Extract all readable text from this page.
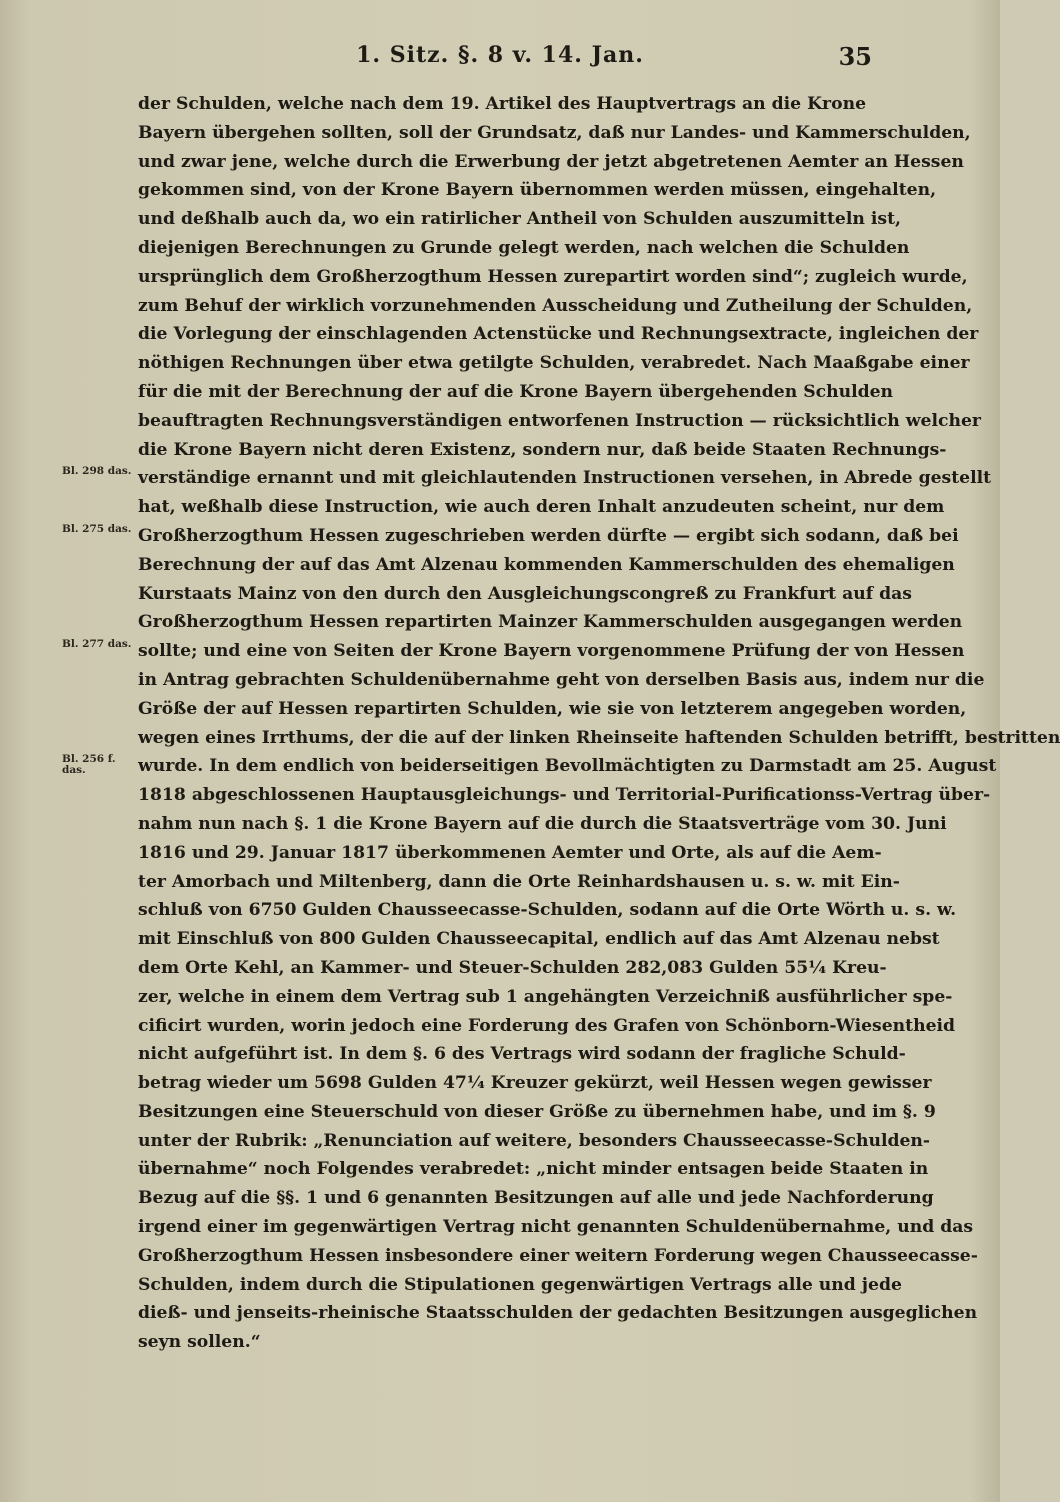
1. Sitz. §. 8 v. 14. Jan.	35
Bl. 298 das.
Bl. 275 das.
Bl. 277 das.
Bl. 256 f. das.
der Schulden, welche nach dem 19. Artikel des Hauptvertrags an die Krone
Bayern übergehen sollten, soll der Grundsatz, daß nur Landes- und Kammerschulden,
und zwar jene, welche durch die Erwerbung der jetzt abgetretenen Aemter an Hessen
gekommen sind, von der Krone Bayern übernommen werden müssen, eingehalten,
und deßhalb auch da, wo ein ratirlicher Antheil von Schulden auszumitteln ist,
diejenigen Berechnungen zu Grunde gelegt werden, nach welchen die Schulden
ursprünglich dem Großherzogthum Hessen zurepartirt worden sind“; zugleich wurde,
zum Behuf der wirklich vorzunehmenden Ausscheidung und Zutheilung der Schulden,
die Vorlegung der einschlagenden Actenstücke und Rechnungsextracte, ingleichen der
nöthigen Rechnungen über etwa getilgte Schulden, verabredet. Nach Maaßgabe einer
für die mit der Berechnung der auf die Krone Bayern übergehenden Schulden
beauftragten Rechnungsverständigen entworfenen Instruction — rücksichtlich welcher
die Krone Bayern nicht deren Existenz, sondern nur, daß beide Staaten Rechnungs-
verständige ernannt und mit gleichlautenden Instructionen versehen, in Abrede gestellt
hat, weßhalb diese Instruction, wie auch deren Inhalt anzudeuten scheint, nur dem
Großherzogthum Hessen zugeschrieben werden dürfte — ergibt sich sodann, daß bei
Berechnung der auf das Amt Alzenau kommenden Kammerschulden des ehemaligen
Kurstaats Mainz von den durch den Ausgleichungscongreß zu Frankfurt auf das
Großherzogthum Hessen repartirten Mainzer Kammerschulden ausgegangen werden
sollte; und eine von Seiten der Krone Bayern vorgenommene Prüfung der von Hessen
in Antrag gebrachten Schuldenübernahme geht von derselben Basis aus, indem nur die
Größe der auf Hessen repartirten Schulden, wie sie von letzterem angegeben worden,
wegen eines Irrthums, der die auf der linken Rheinseite haftenden Schulden betrifft, bestritten
wurde. In dem endlich von beiderseitigen Bevollmächtigten zu Darmstadt am 25. August
1818 abgeschlossenen Hauptausgleichungs- und Territorial-Purificationss-Vertrag über-
nahm nun nach §. 1 die Krone Bayern auf die durch die Staatsverträge vom 30. Juni
1816 und 29. Januar 1817 überkommenen Aemter und Orte, als auf die Aem-
ter Amorbach und Miltenberg, dann die Orte Reinhardshausen u. s. w. mit Ein-
schluß von 6750 Gulden Chausseecasse-Schulden, sodann auf die Orte Wörth u. s. w.
mit Einschluß von 800 Gulden Chausseecapital, endlich auf das Amt Alzenau nebst
dem Orte Kehl, an Kammer- und Steuer-Schulden 282,083 Gulden 55¼ Kreu-
zer, welche in einem dem Vertrag sub 1 angehängten Verzeichniß ausführlicher spe-
cificirt wurden, worin jedoch eine Forderung des Grafen von Schönborn-Wiesentheid
nicht aufgeführt ist. In dem §. 6 des Vertrags wird sodann der fragliche Schuld-
betrag wieder um 5698 Gulden 47¼ Kreuzer gekürzt, weil Hessen wegen gewisser
Besitzungen eine Steuerschuld von dieser Größe zu übernehmen habe, und im §. 9
unter der Rubrik: „Renunciation auf weitere, besonders Chausseecasse-Schulden-
übernahme“ noch Folgendes verabredet: „nicht minder entsagen beide Staaten in
Bezug auf die §§. 1 und 6 genannten Besitzungen auf alle und jede Nachforderung
irgend einer im gegenwärtigen Vertrag nicht genannten Schuldenübernahme, und das
Großherzogthum Hessen insbesondere einer weitern Forderung wegen Chausseecasse-
Schulden, indem durch die Stipulationen gegenwärtigen Vertrags alle und jede
dieß- und jenseits-rheinische Staatsschulden der gedachten Besitzungen ausgeglichen
seyn sollen.“
